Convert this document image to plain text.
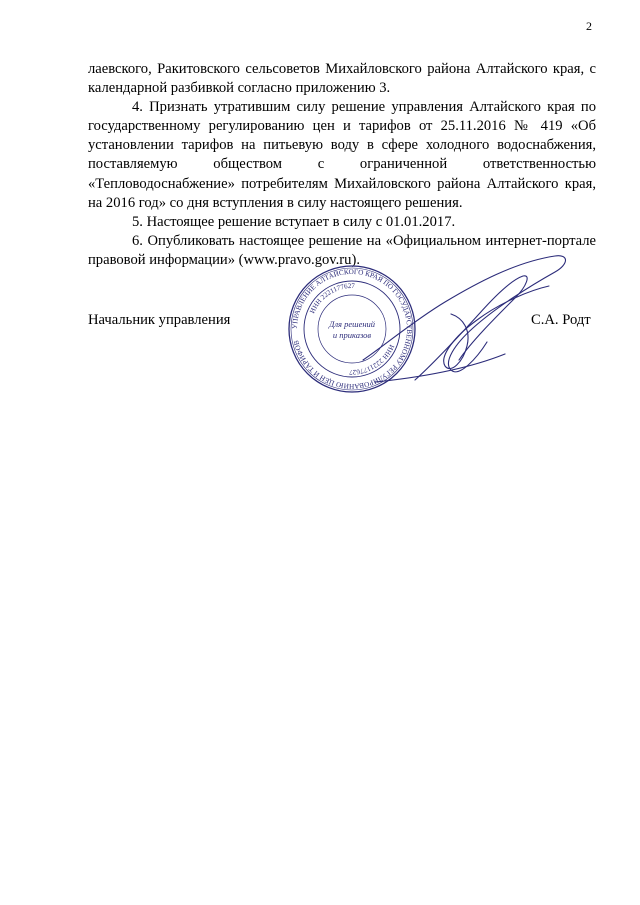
2

лаевского, Ракитовского сельсоветов Михайловского района Алтайского края, с календарной разбивкой согласно приложению 3.

4. Признать утратившим силу решение управления Алтайского края по государственному регулированию цен и тарифов от 25.11.2016 № 419 «Об установлении тарифов на питьевую воду в сфере холодного водоснабжения, поставляемую обществом с ограниченной ответственностью «Тепловодоснабжение» потребителям Михайловского района Алтайского края, на 2016 год» со дня вступления в силу настоящего решения.

5. Настоящее решение вступает в силу с 01.01.2017.

6. Опубликовать настоящее решение на «Официальном интернет-портале правовой информации» (www.pravo.gov.ru).

Начальник управления	С.А. Родт
УПРАВЛЕНИЕ АЛТАЙСКОГО КРАЯ ПО ГОСУДАРСТВЕННОМУ РЕГУЛИРОВАНИЮ ЦЕН И ТАРИФОВ
ИНН 2221177627
ИНН 2221177627
Для решений
и приказов
